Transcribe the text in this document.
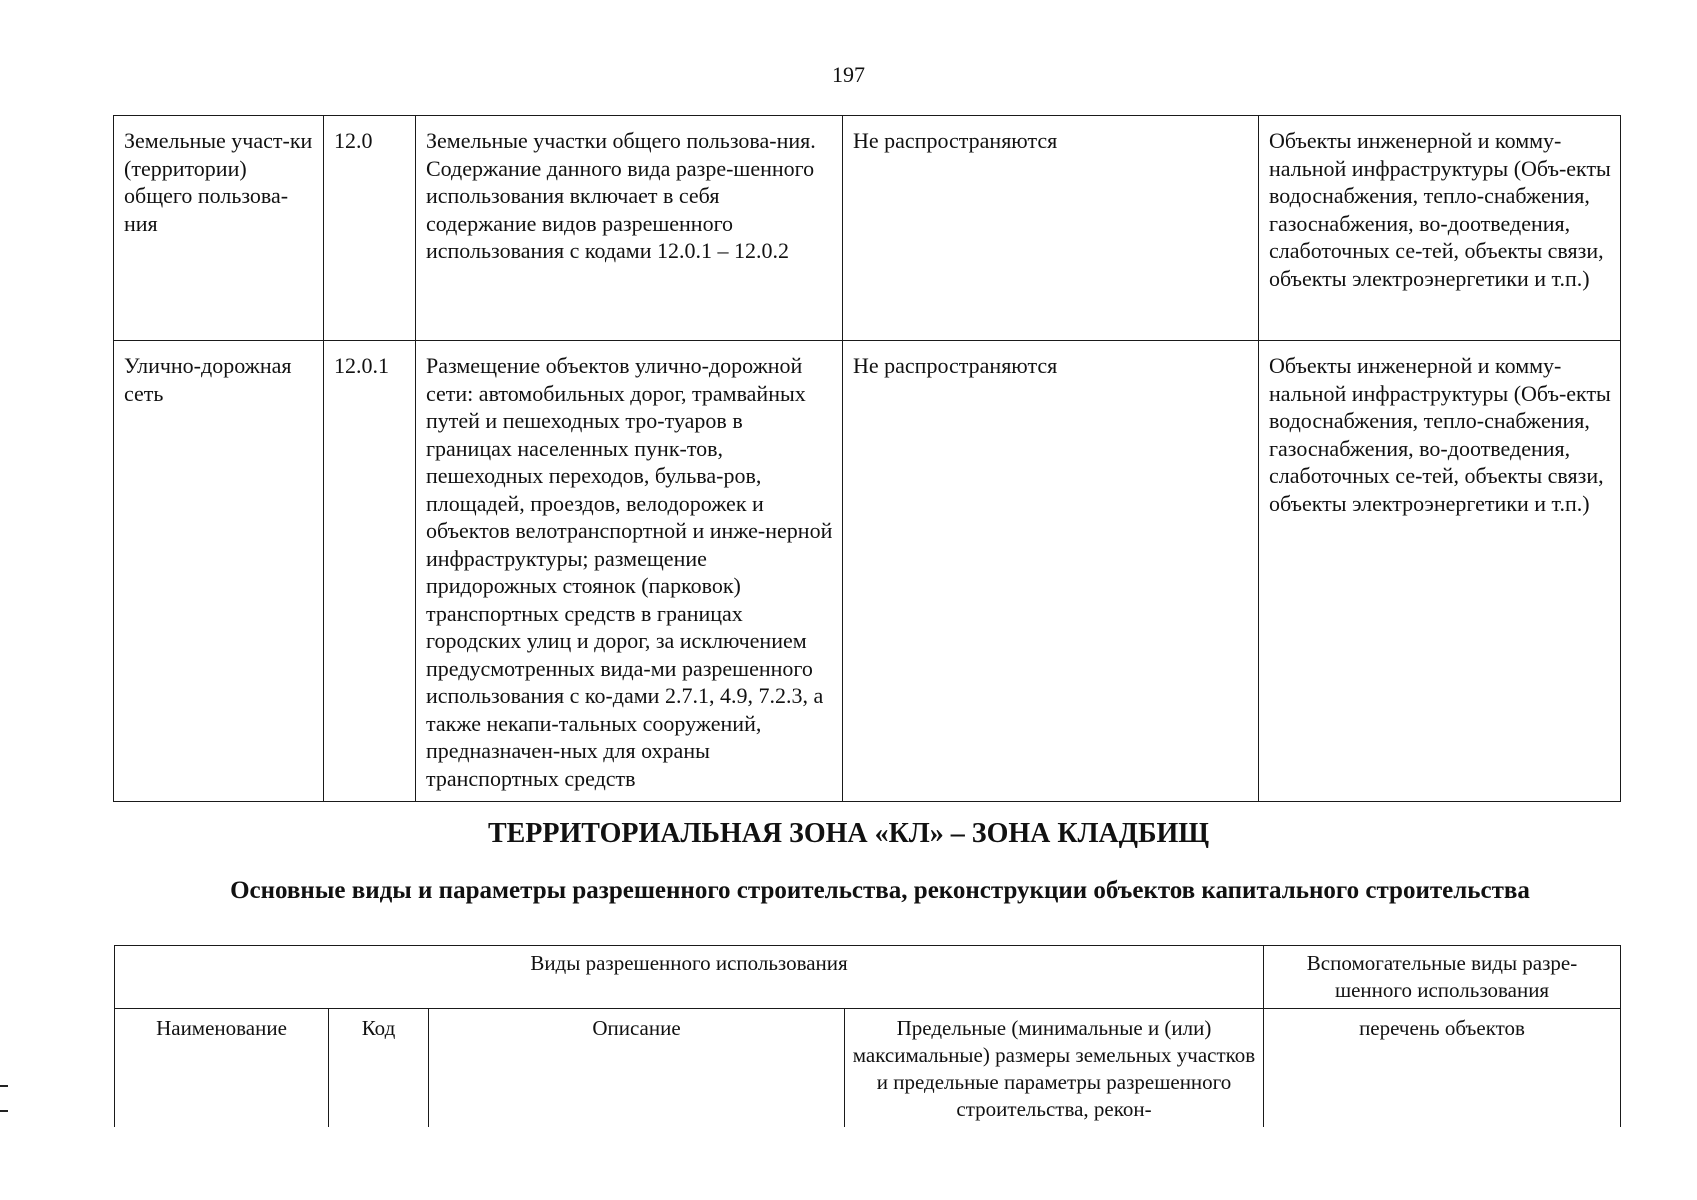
197
Земельные участ-ки (территории) общего пользова-ния	12.0	Земельные участки общего пользова-ния. Содержание данного вида разре-шенного использования включает в себя содержание видов разрешенного использования с кодами 12.0.1 – 12.0.2	Не распространяются	Объекты инженерной и комму-нальной инфраструктуры (Объ-екты водоснабжения, тепло-снабжения, газоснабжения, во-доотведения, слаботочных се-тей, объекты связи, объекты электроэнергетики и т.п.)
Улично-дорожная сеть	12.0.1	Размещение объектов улично-дорожной сети: автомобильных дорог, трамвайных путей и пешеходных тро-туаров в границах населенных пунк-тов, пешеходных переходов, бульва-ров, площадей, проездов, велодорожек и объектов велотранспортной и инже-нерной инфраструктуры; размещение придорожных стоянок (парковок) транспортных средств в границах городских улиц и дорог, за исключением предусмотренных вида-ми разрешенного использования с ко-дами 2.7.1, 4.9, 7.2.3, а также некапи-тальных сооружений, предназначен-ных для охраны транспортных средств	Не распространяются	Объекты инженерной и комму-нальной инфраструктуры (Объ-екты водоснабжения, тепло-снабжения, газоснабжения, во-доотведения, слаботочных се-тей, объекты связи, объекты электроэнергетики и т.п.)
ТЕРРИТОРИАЛЬНАЯ ЗОНА «КЛ» – ЗОНА КЛАДБИЩ
Основные виды и параметры разрешенного строительства, реконструкции объектов капитального строительства
Виды разрешенного использования				Вспомогательные виды разре-шенного использования
Наименование	Код	Описание	Предельные (минимальные и (или) максимальные) размеры земельных участков и предельные параметры разрешенного строительства, рекон-	перечень объектов
